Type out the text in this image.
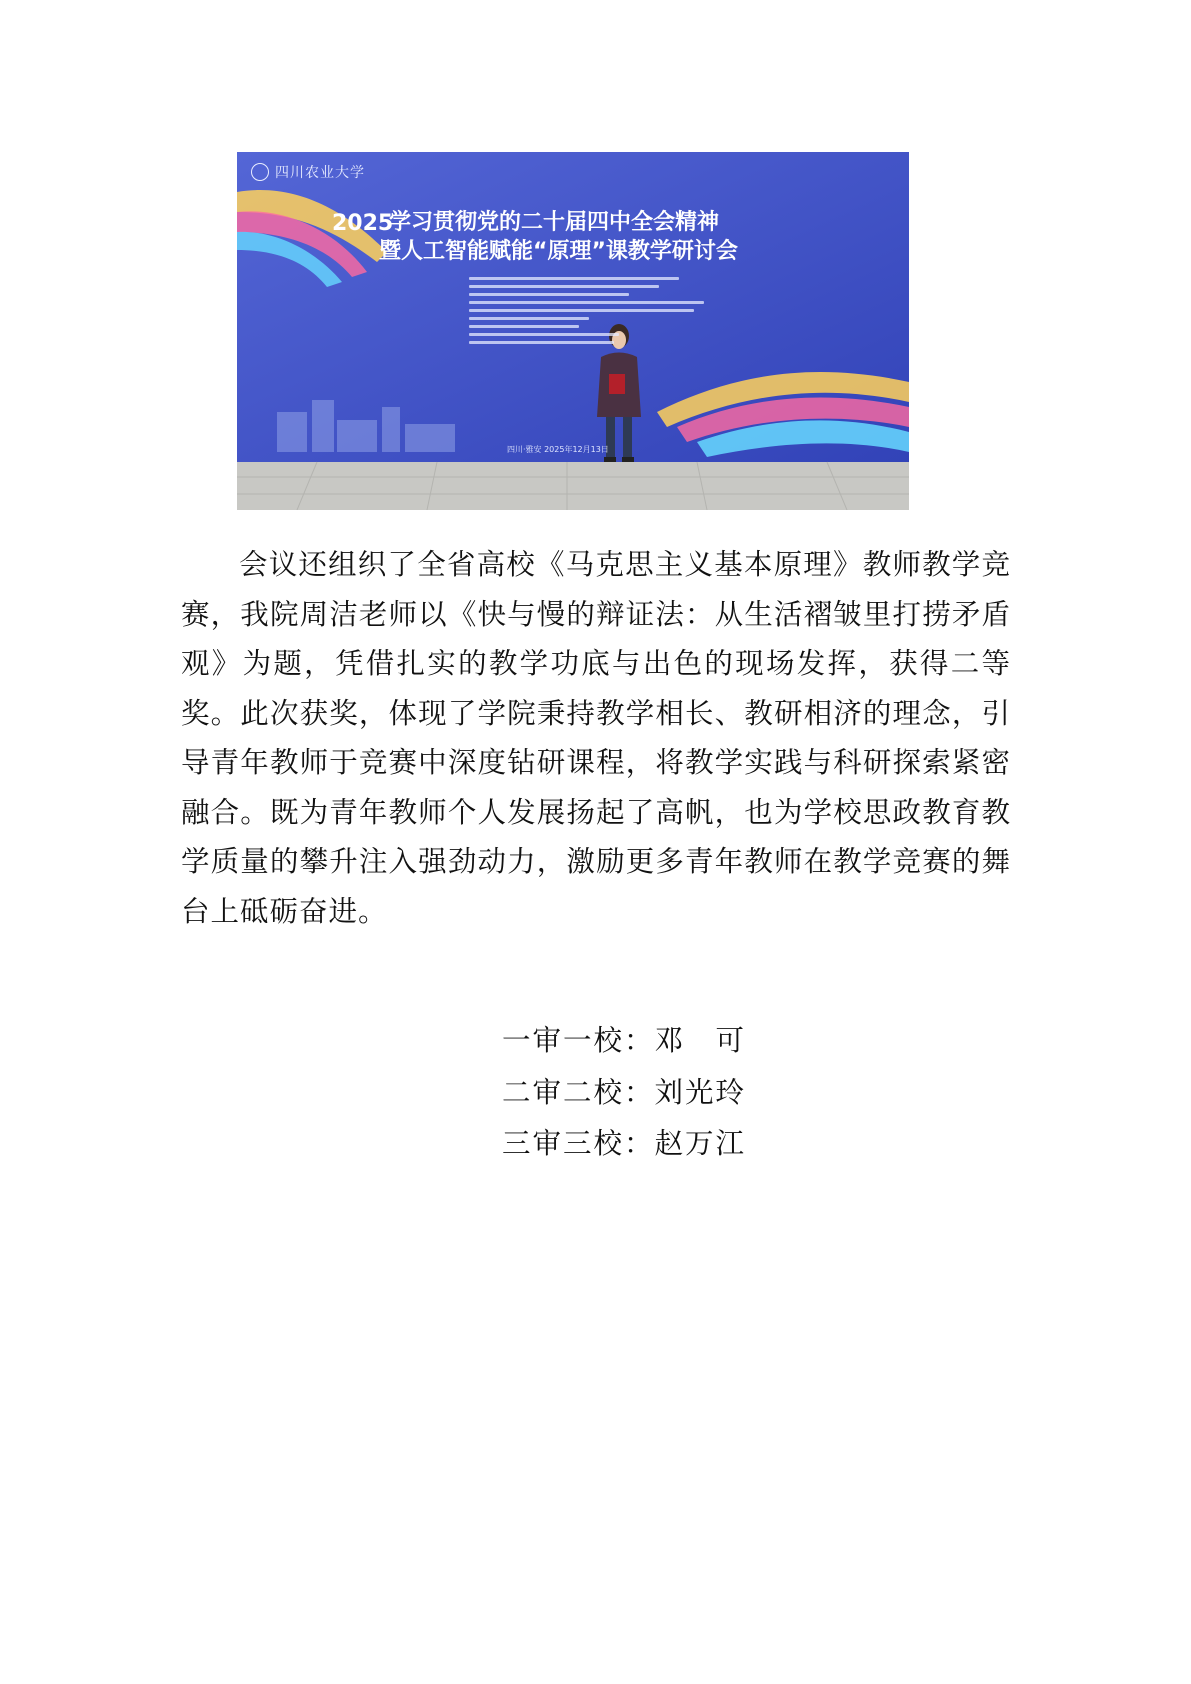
四川农业大学
2025
学习贯彻党的二十届四中全会精神
暨人工智能赋能“原理”课教学研讨会
四川·雅安 2025年12月13日

会议还组织了全省高校《马克思主义基本原理》教师教学竞赛，我院周洁老师以《快与慢的辩证法：从生活褶皱里打捞矛盾观》为题，凭借扎实的教学功底与出色的现场发挥，获得二等奖。此次获奖，体现了学院秉持教学相长、教研相济的理念，引导青年教师于竞赛中深度钻研课程，将教学实践与科研探索紧密融合。既为青年教师个人发展扬起了高帆，也为学校思政教育教学质量的攀升注入强劲动力，激励更多青年教师在教学竞赛的舞台上砥砺奋进。

一审一校：邓　可
二审二校：刘光玲
三审三校：赵万江
